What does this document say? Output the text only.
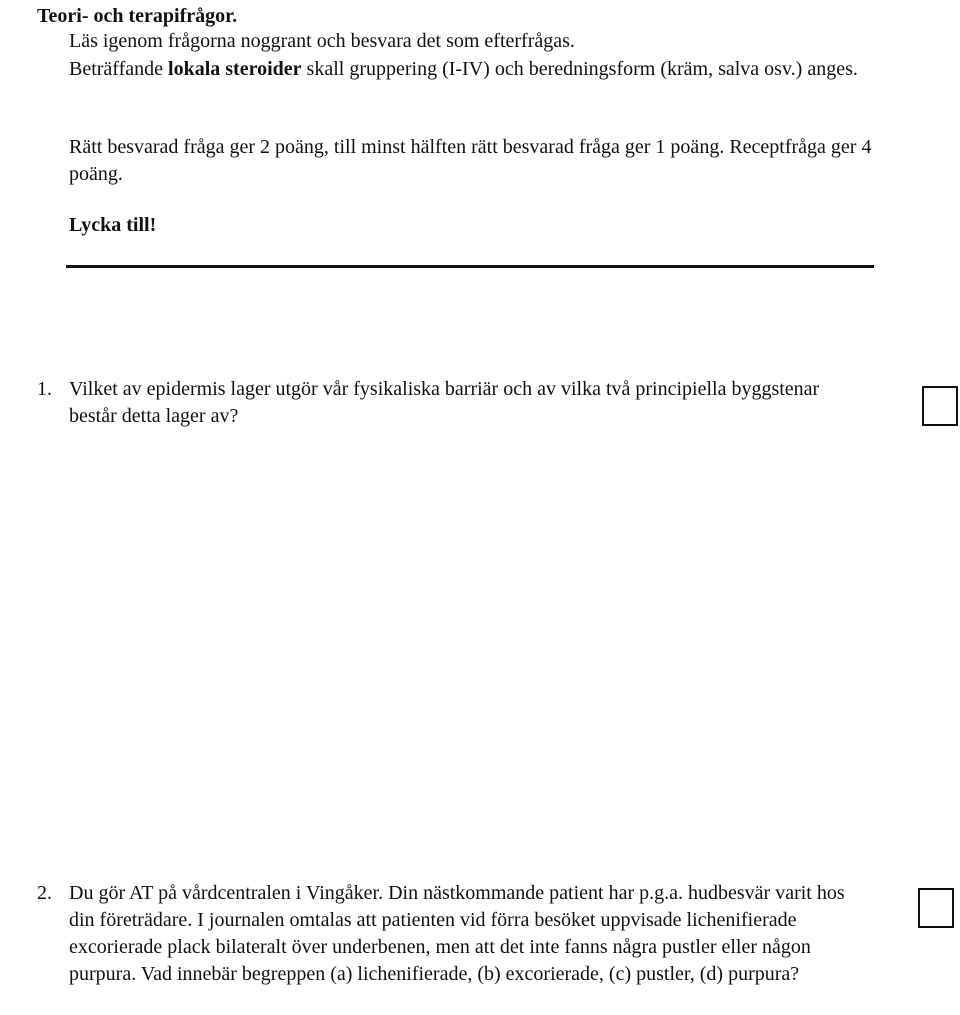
Teori- och terapifrågor.

Läs igenom frågorna noggrant och besvara det som efterfrågas.

Beträffande lokala steroider skall gruppering (I-IV) och beredningsform (kräm, salva osv.) anges.

Rätt besvarad fråga ger 2 poäng, till minst hälften rätt besvarad fråga ger 1 poäng. Receptfråga ger 4 poäng.

Lycka till!

1. Vilket av epidermis lager utgör vår fysikaliska barriär och av vilka två principiella byggstenar består detta lager av?

2. Du gör AT på vårdcentralen i Vingåker. Din nästkommande patient har p.g.a. hudbesvär varit hos din företrädare. I journalen omtalas att patienten vid förra besöket uppvisade lichenifierade excorierade plack bilateralt över underbenen, men att det inte fanns några pustler eller någon purpura. Vad innebär begreppen (a) lichenifierade, (b) excorierade, (c) pustler, (d) purpura?
